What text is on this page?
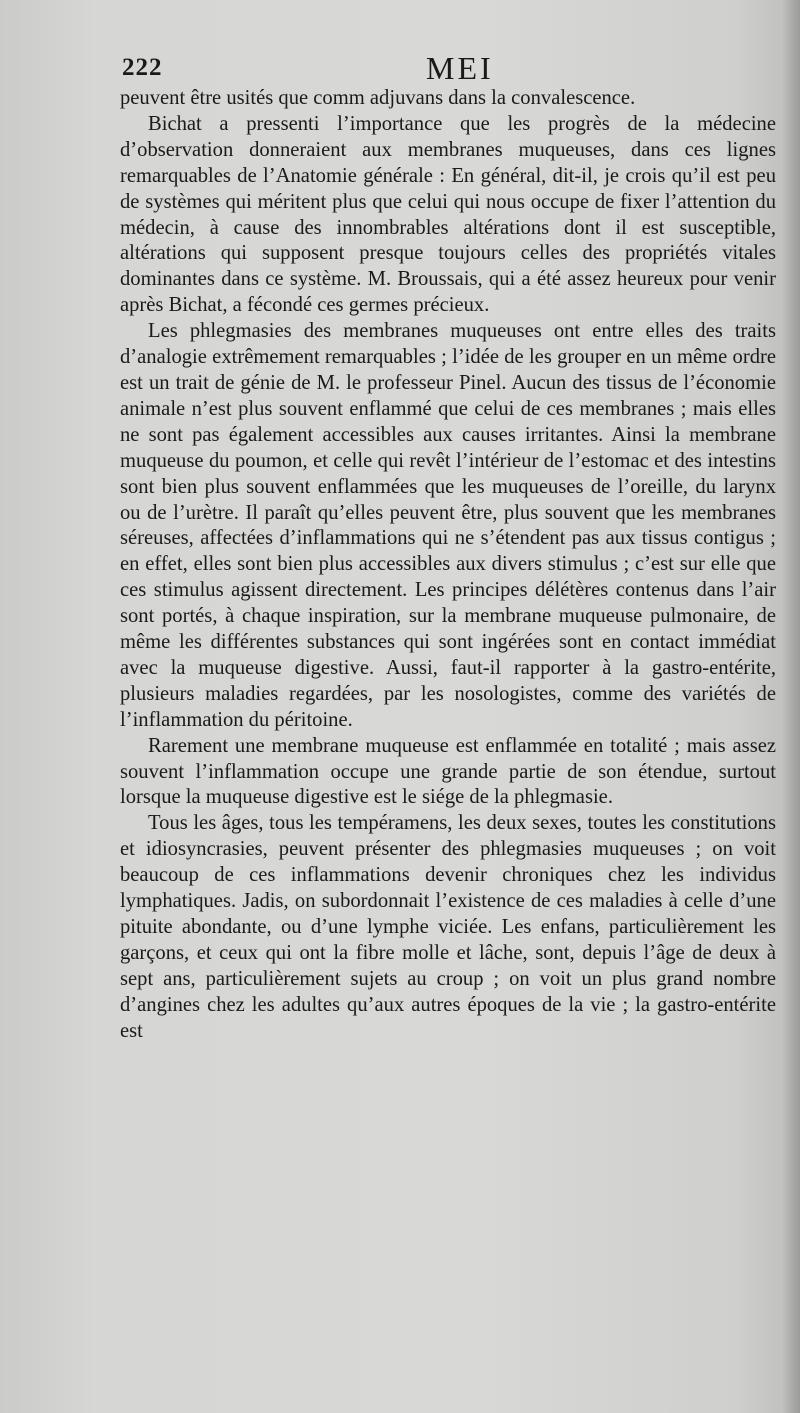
222	MEI

peuvent être usités que comm adjuvans dans la convalescence.

Bichat a pressenti l’importance que les progrès de la médecine d’observation donneraient aux membranes muqueuses, dans ces lignes remarquables de l’Anatomie générale : En général, dit-il, je crois qu’il est peu de systèmes qui méritent plus que celui qui nous occupe de fixer l’attention du médecin, à cause des innombrables altérations dont il est susceptible, altérations qui supposent presque toujours celles des propriétés vitales dominantes dans ce système. M. Broussais, qui a été assez heureux pour venir après Bichat, a fécondé ces germes précieux.

Les phlegmasies des membranes muqueuses ont entre elles des traits d’analogie extrêmement remarquables ; l’idée de les grouper en un même ordre est un trait de génie de M. le professeur Pinel. Aucun des tissus de l’économie animale n’est plus souvent enflammé que celui de ces membranes ; mais elles ne sont pas également accessibles aux causes irritantes. Ainsi la membrane muqueuse du poumon, et celle qui revêt l’intérieur de l’estomac et des intestins sont bien plus souvent enflammées que les muqueuses de l’oreille, du larynx ou de l’urètre. Il paraît qu’elles peuvent être, plus souvent que les membranes séreuses, affectées d’inflammations qui ne s’étendent pas aux tissus contigus ; en effet, elles sont bien plus accessibles aux divers stimulus ; c’est sur elle que ces stimulus agissent directement. Les principes délétères contenus dans l’air sont portés, à chaque inspiration, sur la membrane muqueuse pulmonaire, de même les différentes substances qui sont ingérées sont en contact immédiat avec la muqueuse digestive. Aussi, faut-il rapporter à la gastro-entérite, plusieurs maladies regardées, par les nosologistes, comme des variétés de l’inflammation du péritoine.

Rarement une membrane muqueuse est enflammée en totalité ; mais assez souvent l’inflammation occupe une grande partie de son étendue, surtout lorsque la muqueuse digestive est le siége de la phlegmasie.

Tous les âges, tous les tempéramens, les deux sexes, toutes les constitutions et idiosyncrasies, peuvent présenter des phlegmasies muqueuses ; on voit beaucoup de ces inflammations devenir chroniques chez les individus lymphatiques. Jadis, on subordonnait l’existence de ces maladies à celle d’une pituite abondante, ou d’une lymphe viciée. Les enfans, particulièrement les garçons, et ceux qui ont la fibre molle et lâche, sont, depuis l’âge de deux à sept ans, particulièrement sujets au croup ; on voit un plus grand nombre d’angines chez les adultes qu’aux autres époques de la vie ; la gastro-entérite est
